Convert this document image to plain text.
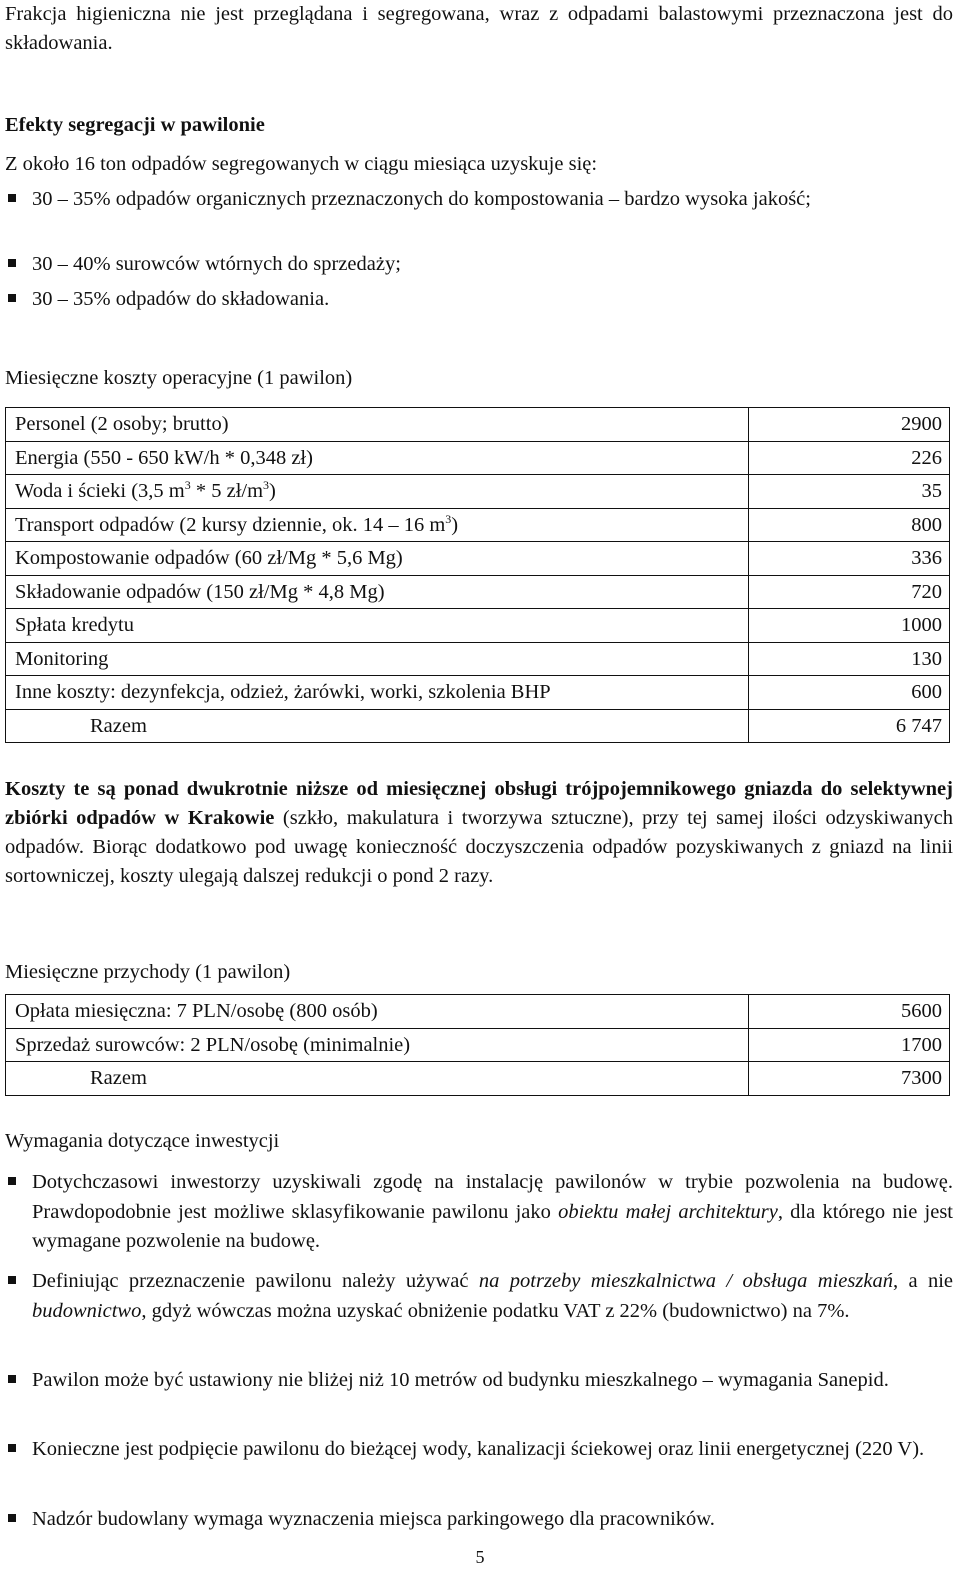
Frakcja higieniczna nie jest przeglądana i segregowana, wraz z odpadami balastowymi przeznaczona jest do składowania.

Efekty segregacji w pawilonie
Z około 16 ton odpadów segregowanych w ciągu miesiąca uzyskuje się:
30 – 35% odpadów organicznych przeznaczonych do kompostowania – bardzo wysoka jakość;
30 – 40% surowców wtórnych do sprzedaży;
30 – 35% odpadów do składowania.
Miesięczne koszty operacyjne (1 pawilon)
Personel (2 osoby; brutto)	2900
Energia (550 - 650 kW/h * 0,348 zł)	226
Woda i ścieki (3,5 $m^3 * 5$ $zł/m^3$)	35
Transport odpadów (2 kursy dziennie, ok. 14 – 16 $m^3$)	800
Kompostowanie odpadów (60 zł/Mg * 5,6 Mg)	336
Składowanie odpadów (150 zł/Mg * 4,8 Mg)	720
Spłata kredytu	1000
Monitoring	130
Inne koszty: dezynfekcja, odzież, żarówki, worki, szkolenia BHP	600
Razem	6 747

Koszty te są ponad dwukrotnie niższe od miesięcznej obsługi trójpojemnikowego gniazda do selektywnej zbiórki odpadów w Krakowie (szkło, makulatura i tworzywa sztuczne), przy tej samej ilości odzyskiwanych odpadów. Biorąc dodatkowo pod uwagę konieczność doczyszczenia odpadów pozyskiwanych z gniazd na linii sortowniczej, koszty ulegają dalszej redukcji o pond 2 razy.

Miesięczne przychody (1 pawilon)
Opłata miesięczna: 7 PLN/osobę (800 osób)	5600
Sprzedaż surowców: 2 PLN/osobę (minimalnie)	1700
Razem	7300
Wymagania dotyczące inwestycji
Dotychczasowi inwestorzy uzyskiwali zgodę na instalację pawilonów w trybie pozwolenia na budowę. Prawdopodobnie jest możliwe sklasyfikowanie pawilonu jako obiektu małej architektury, dla którego nie jest wymagane pozwolenie na budowę.
Definiując przeznaczenie pawilonu należy używać na potrzeby mieszkalnictwa / obsługa mieszkań, a nie budownictwo, gdyż wówczas można uzyskać obniżenie podatku VAT z 22% (budownictwo) na 7%.
Pawilon może być ustawiony nie bliżej niż 10 metrów od budynku mieszkalnego – wymagania Sanepid.
Konieczne jest podpięcie pawilonu do bieżącej wody, kanalizacji ściekowej oraz linii energetycznej (220 V).
Nadzór budowlany wymaga wyznaczenia miejsca parkingowego dla pracowników.
5
